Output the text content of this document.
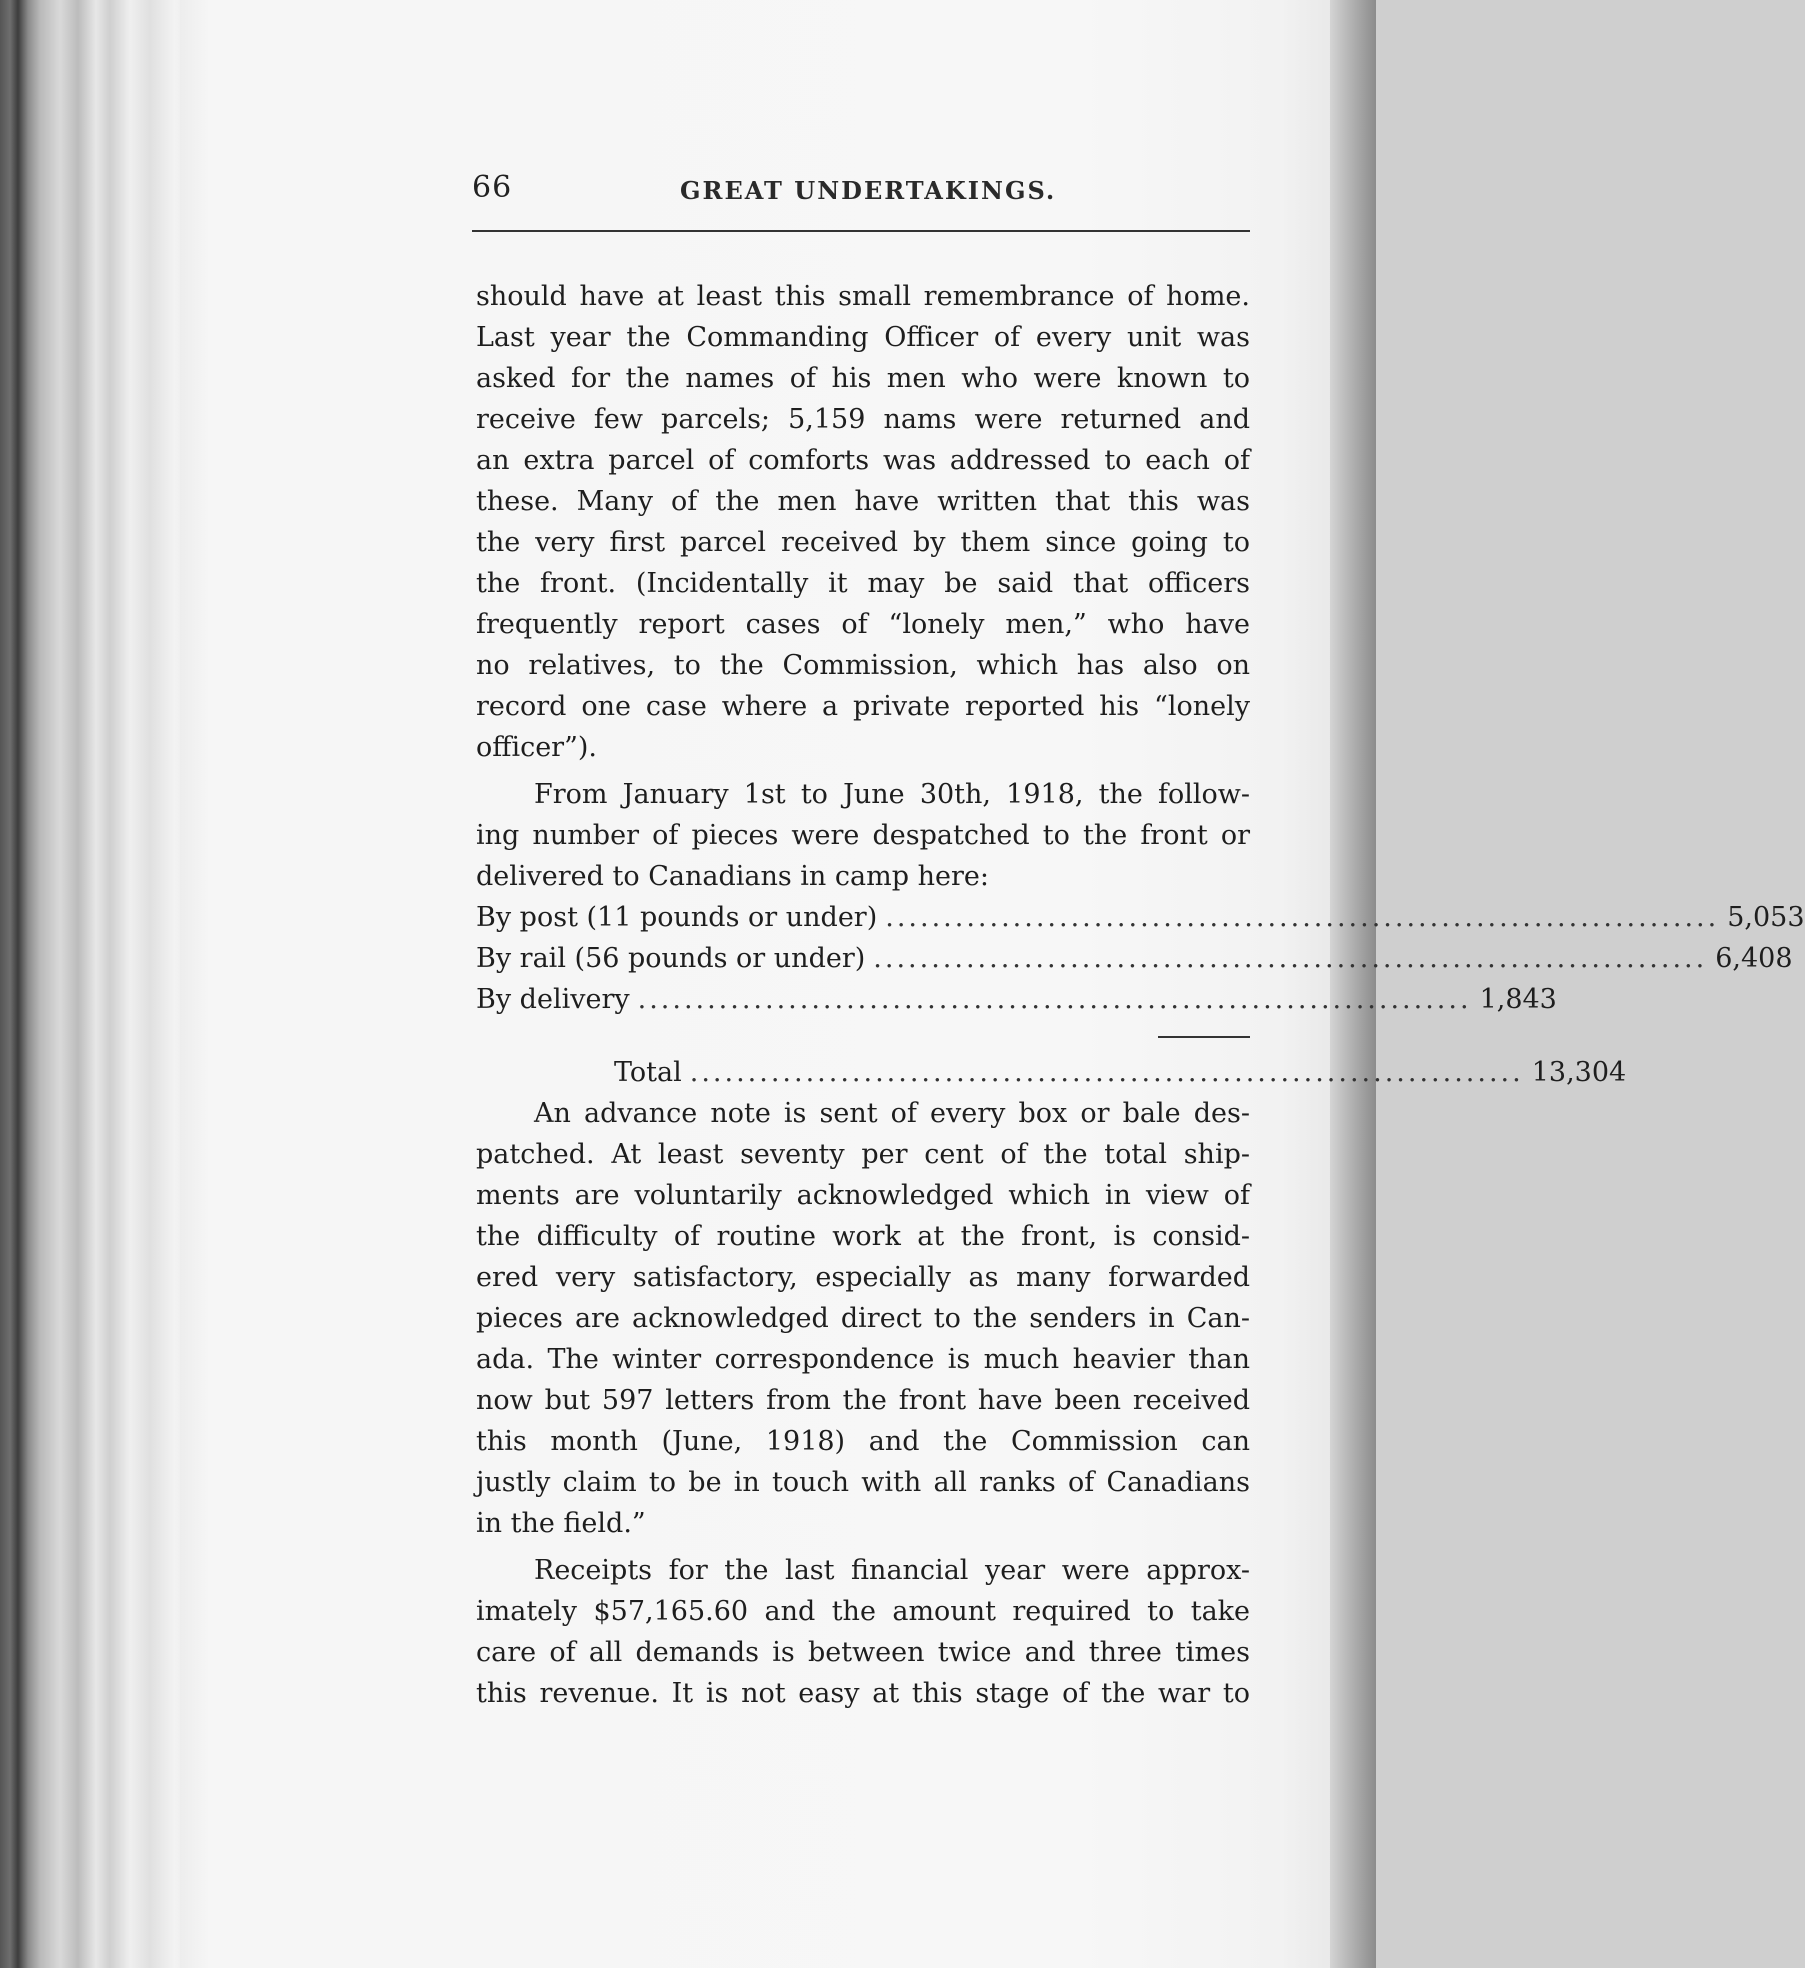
66	GREAT UNDERTAKINGS.
should have at least this small remembrance of home.
Last year the Commanding Officer of every unit was
asked for the names of his men who were known to
receive few parcels; 5,159 nams were returned and
an extra parcel of comforts was addressed to each of
these. Many of the men have written that this was
the very first parcel received by them since going to
the front. (Incidentally it may be said that officers
frequently report cases of “lonely men,” who have
no relatives, to the Commission, which has also on
record one case where a private reported his “lonely
officer”).
From January 1st to June 30th, 1918, the follow-
ing number of pieces were despatched to the front or
delivered to Canadians in camp here:
By post (11 pounds or under) ........................................................................ 5,053
By rail (56 pounds or under) ........................................................................ 6,408
By delivery ........................................................................ 1,843
Total ........................................................................ 13,304
An advance note is sent of every box or bale des-
patched. At least seventy per cent of the total ship-
ments are voluntarily acknowledged which in view of
the difficulty of routine work at the front, is consid-
ered very satisfactory, especially as many forwarded
pieces are acknowledged direct to the senders in Can-
ada. The winter correspondence is much heavier than
now but 597 letters from the front have been received
this month (June, 1918) and the Commission can
justly claim to be in touch with all ranks of Canadians
in the field.”
Receipts for the last financial year were approx-
imately $57,165.60 and the amount required to take
care of all demands is between twice and three times
this revenue. It is not easy at this stage of the war to
